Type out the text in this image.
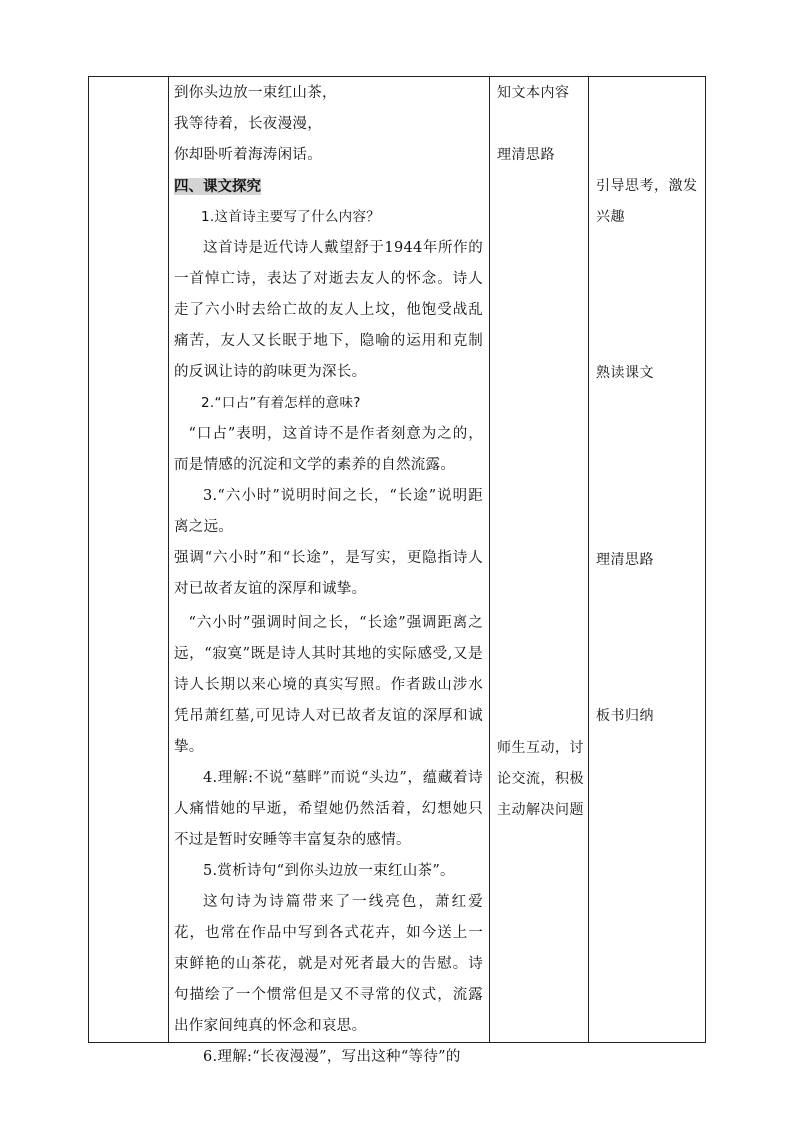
到你头边放一束红山茶，
我等待着，长夜漫漫，
你却卧听着海涛闲话。
四、课文探究

1.这首诗主要写了什么内容？

这首诗是近代诗人戴望舒于1944年所作的一首悼亡诗，表达了对逝去友人的怀念。诗人走了六小时去给亡故的友人上坟，他饱受战乱痛苦，友人又长眠于地下，隐喻的运用和克制的反讽让诗的韵味更为深长。

2.“口占”有着怎样的意味?

“口占”表明，这首诗不是作者刻意为之的，而是情感的沉淀和文学的素养的自然流露。

3.“六小时”说明时间之长，“长途”说明距离之远。

强调“六小时”和“长途”，是写实，更隐指诗人对已故者友谊的深厚和诚挚。

“六小时”强调时间之长，“长途”强调距离之远，“寂寞”既是诗人其时其地的实际感受,又是诗人长期以来心境的真实写照。作者跋山涉水凭吊萧红墓,可见诗人对已故者友谊的深厚和诚挚。

4.理解:不说“墓畔”而说“头边”，蕴藏着诗人痛惜她的早逝，希望她仍然活着，幻想她只不过是暂时安睡等丰富复杂的感情。

5.赏析诗句“到你头边放一束红山茶”。

这句诗为诗篇带来了一线亮色，萧红爱花，也常在作品中写到各式花卉，如今送上一束鲜艳的山茶花，就是对死者最大的告慰。诗句描绘了一个惯常但是又不寻常的仪式，流露出作家间纯真的怀念和哀思。

6.理解:“长夜漫漫”，写出这种“等待”的

知文本内容
理清思路
师生互动，讨论交流，积极主动解决问题
引导思考，激发兴趣
熟读课文
理清思路
板书归纳
